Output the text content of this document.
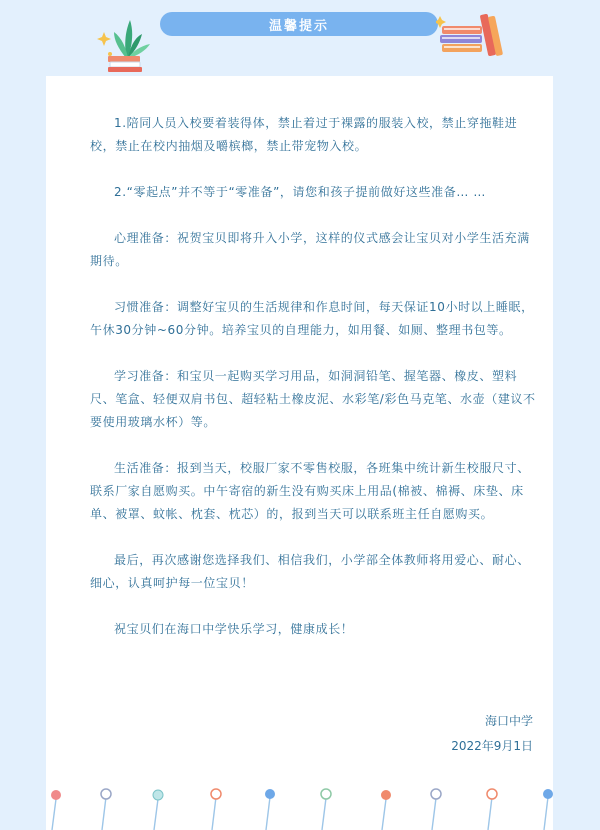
温馨提示

1.陪同人员入校要着装得体，禁止着过于裸露的服装入校，禁止穿拖鞋进校，禁止在校内抽烟及嚼槟榔，禁止带宠物入校。

2.“零起点”并不等于“零准备”，请您和孩子提前做好这些准备… …

心理准备：祝贺宝贝即将升入小学，这样的仪式感会让宝贝对小学生活充满期待。

习惯准备：调整好宝贝的生活规律和作息时间，每天保证10小时以上睡眠，午休30分钟~60分钟。培养宝贝的自理能力，如用餐、如厕、整理书包等。

学习准备：和宝贝一起购买学习用品，如洞洞铅笔、握笔器、橡皮、塑料尺、笔盒、轻便双肩书包、超轻粘土橡皮泥、水彩笔/彩色马克笔、水壶（建议不要使用玻璃水杯）等。

生活准备：报到当天，校服厂家不零售校服，各班集中统计新生校服尺寸、联系厂家自愿购买。中午寄宿的新生没有购买床上用品(棉被、棉褥、床垫、床单、被罩、蚊帐、枕套、枕芯）的，报到当天可以联系班主任自愿购买。

最后，再次感谢您选择我们、相信我们，小学部全体教师将用爱心、耐心、细心，认真呵护每一位宝贝！

祝宝贝们在海口中学快乐学习，健康成长！

海口中学
2022年9月1日
